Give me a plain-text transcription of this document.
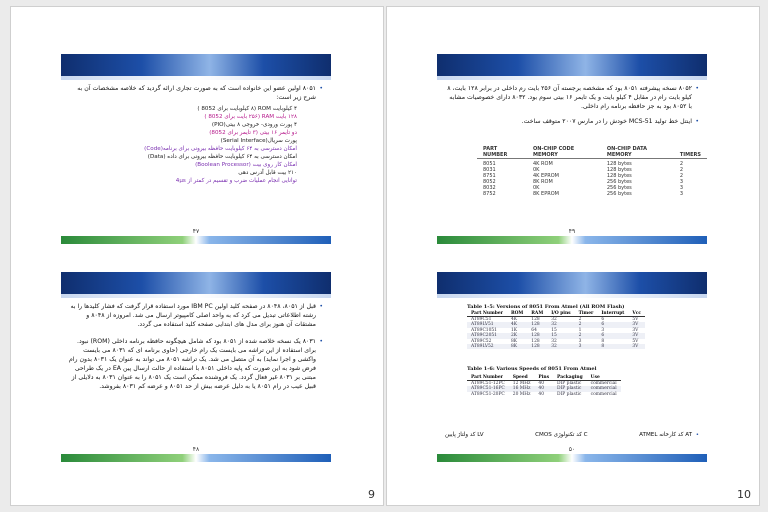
• ۸۰۵۱ اولین عضو این خانواده است که به صورت تجاری ارائه گردید که خلاصه مشخصات آن به شرح زیر است:
۴ کیلوبایت ROM (۸ کیلوبایت برای 8052 )
۱۲۸ بایت RAM (۲۵۶ بایت برای 8052 )
۴ پورت ورودی- خروجی ۸ بیتی(PIO)
دو تایمر ۱۶ بیتی (۳ تایمر برای 8052)
پورت سریال(Serial Interface)
امکان دسترسی به ۶۴ کیلوبایت حافظه بیرونی برای برنامه(Code)
امکان دسترسی به ۶۴ کیلوبایت حافظه بیرونی برای داده (Data)
امکان کار روی بیت (Boolean Processor)
۲۱۰ بیت قابل آدرس دهی
توانایی انجام عملیات ضرب و تقسیم در کمتر از 4µs
۴۷
• قبل از ۸۰۵۱، ۸۰۴۸ در صفحه کلید اولین IBM PC مورد استفاده قرار گرفت که فشار کلیدها را به رشته اطلاعاتی تبدیل می کرد که به واحد اصلی کامپیوتر ارسال می شد. امروزه از ۸۰۴۸ و مشتقات آن هنوز برای مدل های ابتدایی صفحه کلید استفاده می گردد.
• ۸۰۳۱ یک نسخه خلاصه شده از ۸۰۵۱ بود که شامل هیچگونه حافظه برنامه داخلی (ROM) نبود. برای استفاده از این تراشه می بایست یک رام خارجی (حاوی برنامه ای که ۸۰۳۱ می بایست واکشی و اجرا نماید) به آن متصل می شد. یک تراشه ۸۰۵۱ می تواند به عنوان یک ۸۰۳۱ بدون رام فرض شود به این صورت که پایه داخلی ۸۰۵۱ با استفاده از حالت ارسال پین EA در یک طراحی مبتنی بر ۸۰۳۱ غیر فعال گردد. یک فروشنده ممکن است یک ۸۰۵۱ را به عنوان ۸۰۳۱ به دلایلی از قبیل عیب در رام ۸۰۵۱ یا به دلیل عرضه بیش از حد ۸۰۵۱ و عرضه کم ۸۰۳۱ بفروشد.
۴۸
9
• ۸۰۵۲ نسخه پیشرفته ۸۰۵۱ بود که مشخصه برجسته آن ۲۵۶ بایت رم داخلی در برابر ۱۲۸ بایت، ۸ کیلو بایت رام در مقابل ۴ کیلو بایت و یک تایمر ۱۶ بیتی سوم بود. ۸۰۳۲ دارای خصوصیات مشابه با ۸۰۵۲ بود به جز حافظه برنامه رام داخلی.
• اینتل خط تولید MCS-51 خودش را در مارس ۲۰۰۷ متوقف ساخت.
PART NUMBER	ON-CHIP CODE MEMORY	ON-CHIP DATA MEMORY	TIMERS

8051	4K ROM	128 bytes	2
8031	0K	128 bytes	2
8751	4K EPROM	128 bytes	2
8052	8K ROM	256 bytes	3
8032	0K	256 bytes	3
8752	8K EPROM	256 bytes	3
۴۹
Table 1-5: Versions of 8051 From Atmel (All ROM Flash)
Part Number	ROM	RAM	I/O pins	Timer	Interrupt	Vcc
AT89C51	4K	128	32	2	6	5V
AT89LV51	4K	128	32	2	6	3V
AT89C1051	1K	64	15	1	3	3V
AT89C2051	2K	128	15	2	6	3V
AT89C52	8K	128	32	3	8	5V
AT89LV52	8K	128	32	3	8	3V
Table 1-6: Various Speeds of 8051 From Atmel
Part Number	Speed	Pins	Packaging	Use
AT89C51-12PC	12 MHz	40	DIP plastic	commercial
AT89C51-16PC	16 MHz	40	DIP plastic	commercial
AT89C51-20PC	20 MHz	40	DIP plastic	commercial
• AT کد کارخانه ATMEL
C کد تکنولوژی CMOS
LV کد ولتاژ پایین
۵۰
10
